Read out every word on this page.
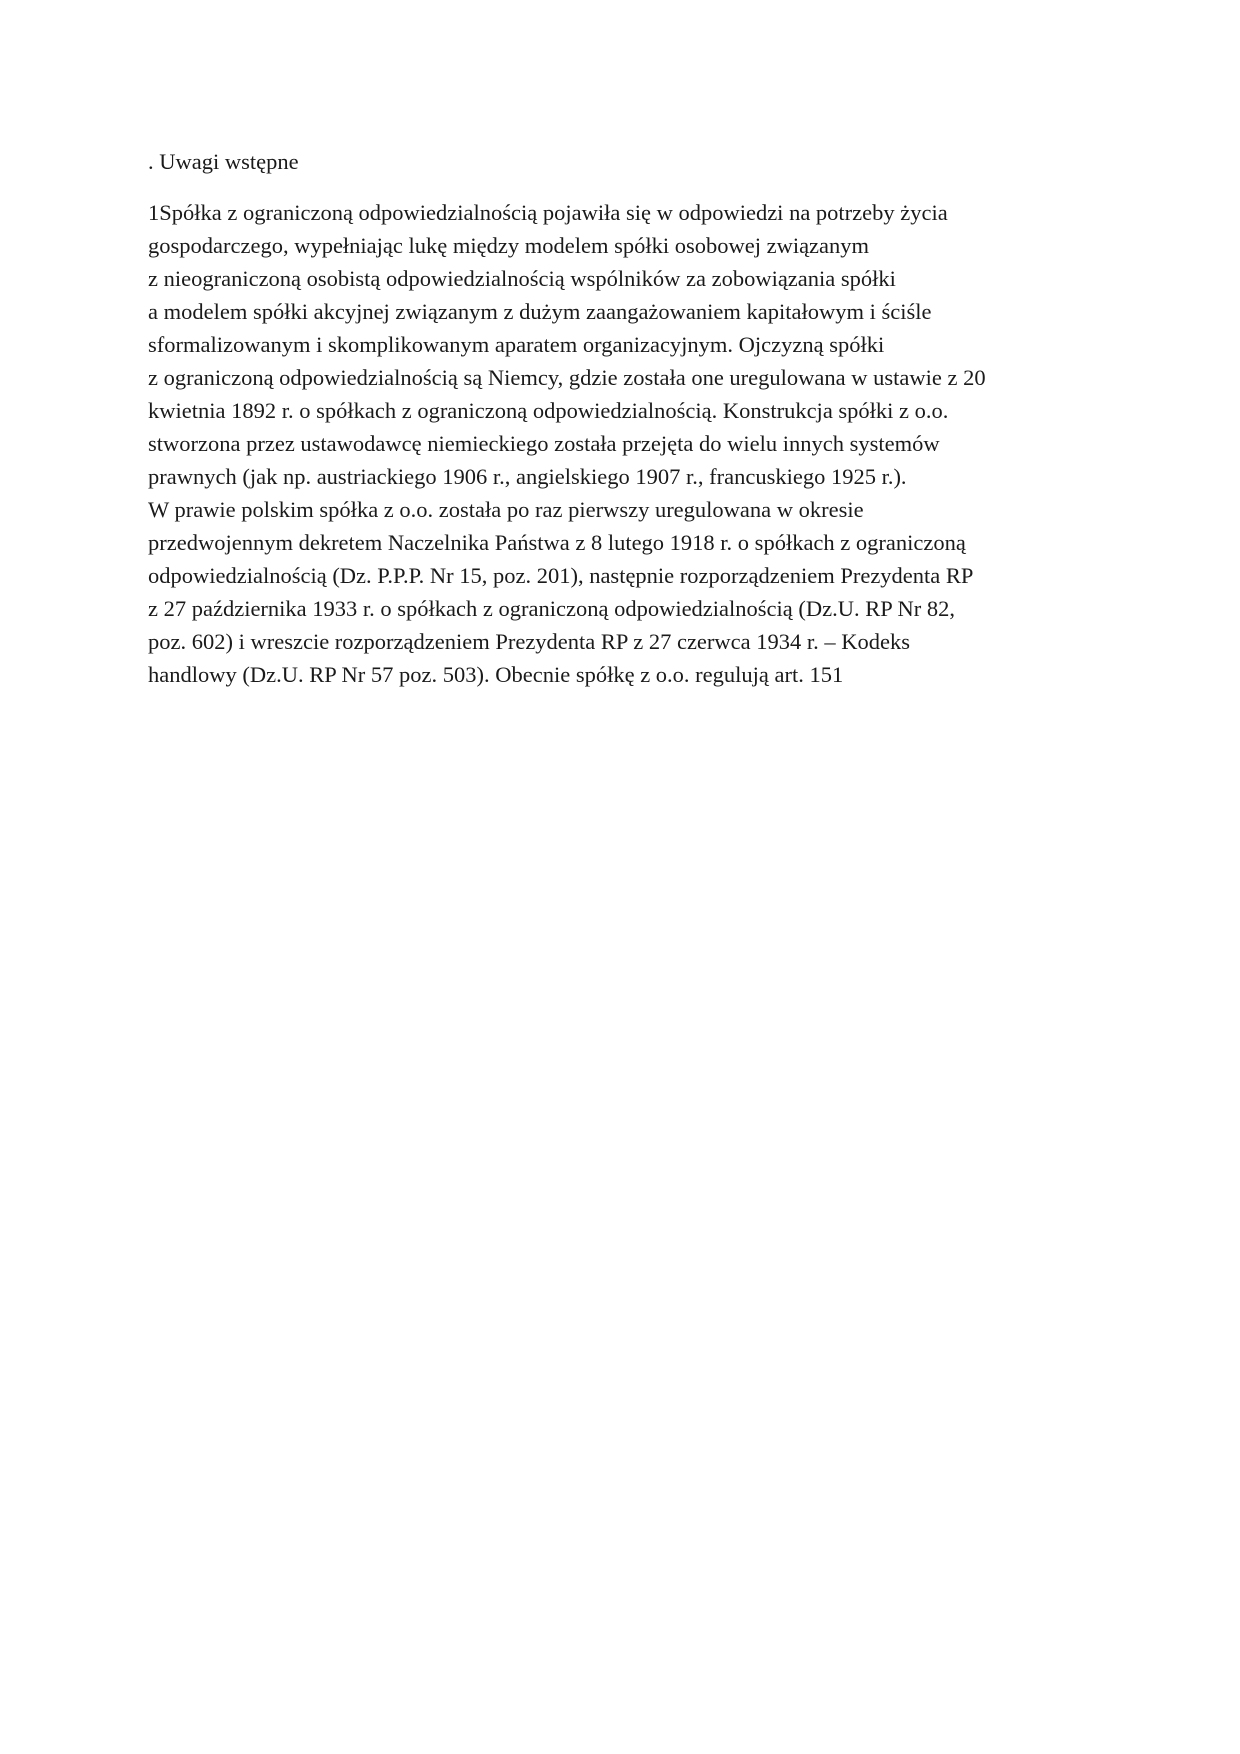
. Uwagi wstępne

1Spółka z ograniczoną odpowiedzialnością pojawiła się w odpowiedzi na potrzeby życia
gospodarczego, wypełniając lukę między modelem spółki osobowej związanym
z nieograniczoną osobistą odpowiedzialnością wspólników za zobowiązania spółki
a modelem spółki akcyjnej związanym z dużym zaangażowaniem kapitałowym i ściśle
sformalizowanym i skomplikowanym aparatem organizacyjnym. Ojczyzną spółki
z ograniczoną odpowiedzialnością są Niemcy, gdzie została one uregulowana w ustawie z 20
kwietnia 1892 r. o spółkach z ograniczoną odpowiedzialnością. Konstrukcja spółki z o.o.
stworzona przez ustawodawcę niemieckiego została przejęta do wielu innych systemów
prawnych (jak np. austriackiego 1906 r., angielskiego 1907 r., francuskiego 1925 r.).
W prawie polskim spółka z o.o. została po raz pierwszy uregulowana w okresie
przedwojennym dekretem Naczelnika Państwa z 8 lutego 1918 r. o spółkach z ograniczoną
odpowiedzialnością (Dz. P.P.P. Nr 15, poz. 201), następnie rozporządzeniem Prezydenta RP
z 27 października 1933 r. o spółkach z ograniczoną odpowiedzialnością (Dz.U. RP Nr 82,
poz. 602) i wreszcie rozporządzeniem Prezydenta RP z 27 czerwca 1934 r. – Kodeks
handlowy (Dz.U. RP Nr 57 poz. 503). Obecnie spółkę z o.o. regulują art. 151
